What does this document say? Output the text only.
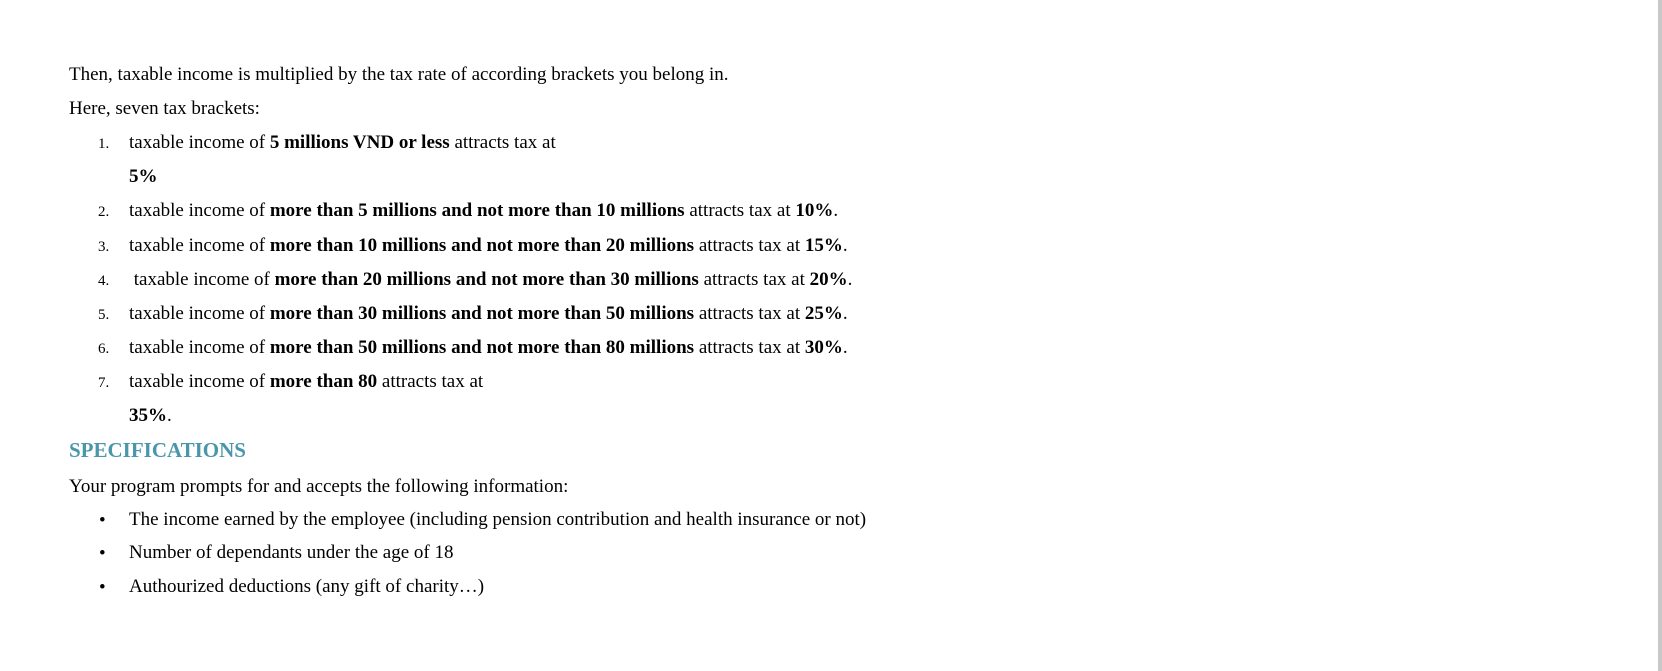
Then, taxable income is multiplied by the tax rate of according brackets you belong in.
Here, seven tax brackets:
1. taxable income of 5 millions VND or less attracts tax at
5%
2. taxable income of more than 5 millions and not more than 10 millions attracts tax at 10%.
3. taxable income of more than 10 millions and not more than 20 millions attracts tax at 15%.
4. taxable income of more than 20 millions and not more than 30 millions attracts tax at 20%.
5. taxable income of more than 30 millions and not more than 50 millions attracts tax at 25%.
6. taxable income of more than 50 millions and not more than 80 millions attracts tax at 30%.
7. taxable income of more than 80 attracts tax at
35%.
SPECIFICATIONS
Your program prompts for and accepts the following information:
• The income earned by the employee (including pension contribution and health insurance or not)
• Number of dependants under the age of 18
• Authourized deductions (any gift of charity…)
